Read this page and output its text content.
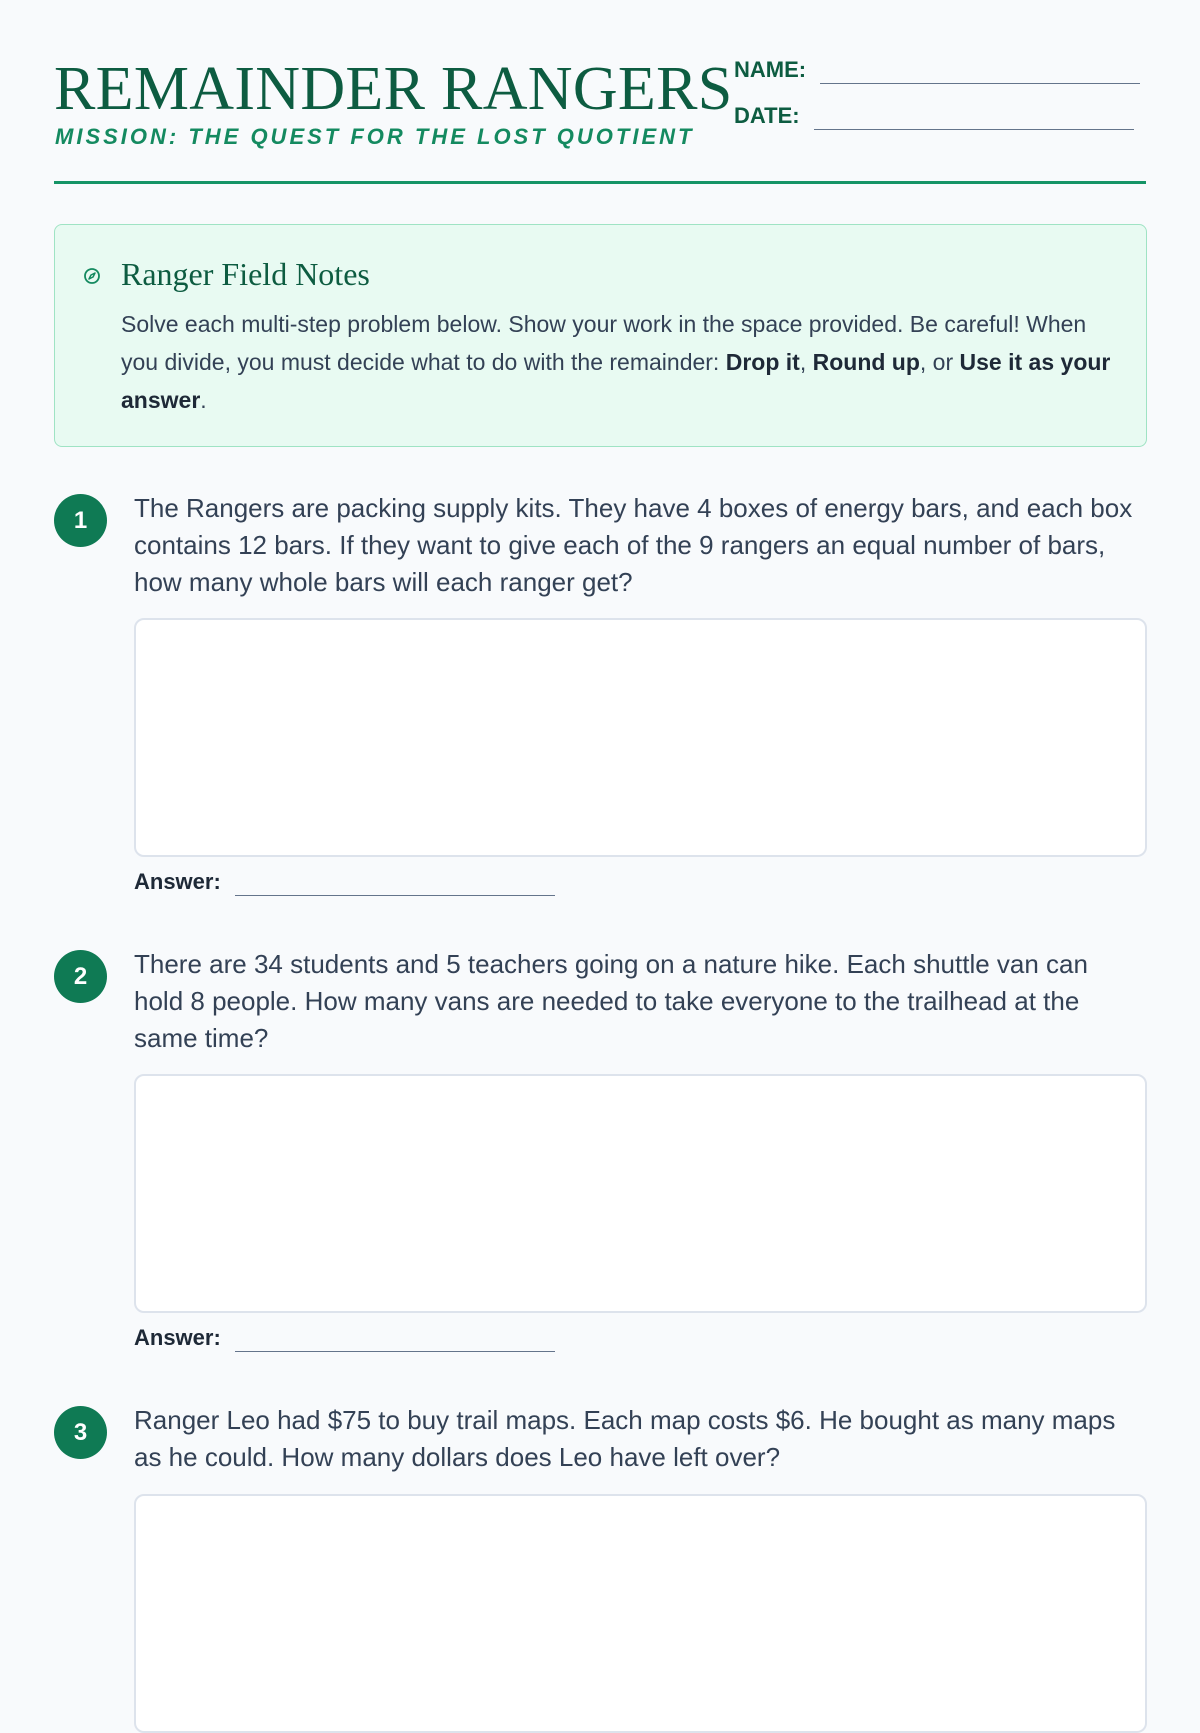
REMAINDER RANGERS
MISSION: THE QUEST FOR THE LOST QUOTIENT
NAME:
DATE:
Ranger Field Notes
Solve each multi-step problem below. Show your work in the space provided. Be careful! When you divide, you must decide what to do with the remainder: Drop it, Round up, or Use it as your answer.
1	The Rangers are packing supply kits. They have 4 boxes of energy bars, and each box contains 12 bars. If they want to give each of the 9 rangers an equal number of bars, how many whole bars will each ranger get?
Answer:
2	There are 34 students and 5 teachers going on a nature hike. Each shuttle van can hold 8 people. How many vans are needed to take everyone to the trailhead at the same time?
Answer:
3	Ranger Leo had $75 to buy trail maps. Each map costs $6. He bought as many maps as he could. How many dollars does Leo have left over?
